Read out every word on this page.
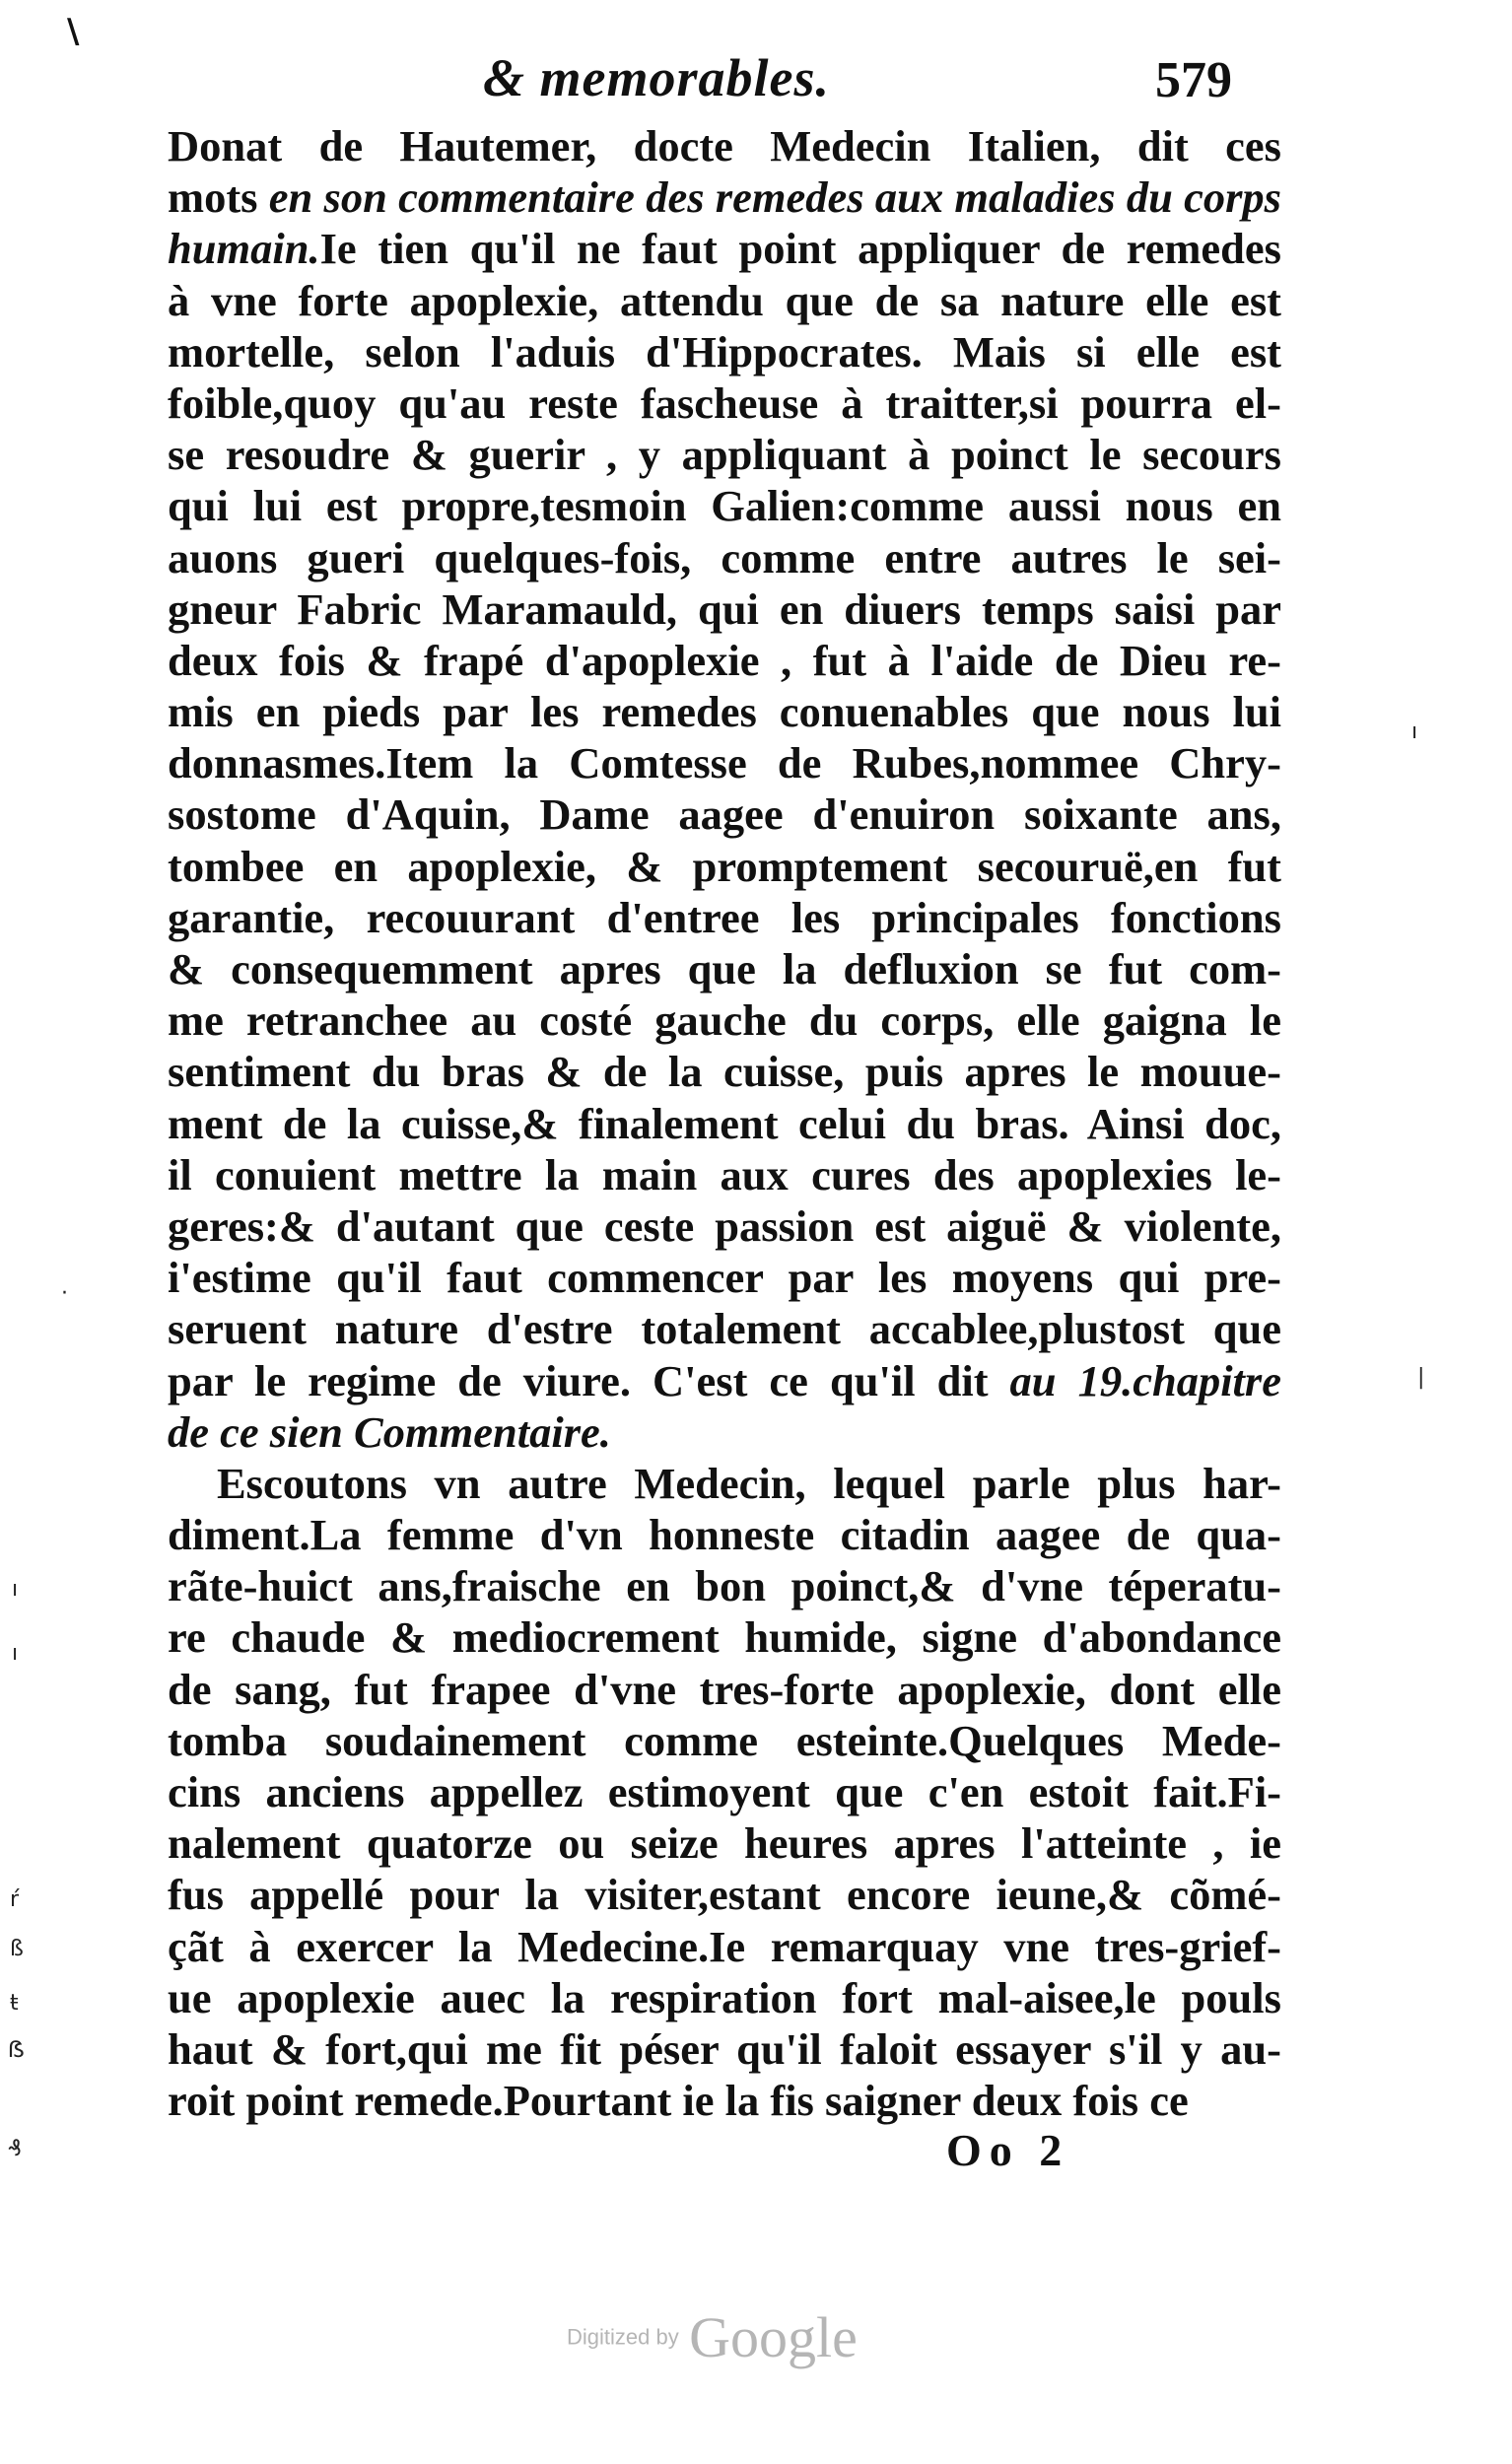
\
& memorables.	579
Donat de Hautemer, docte Medecin Italien, dit ces
mots en son commentaire des remedes aux maladies du corps
humain.Ie tien qu'il ne faut point appliquer de remedes
à vne forte apoplexie, attendu que de sa nature elle est
mortelle, selon l'aduis d'Hippocrates. Mais si elle est
foible,quoy qu'au reste fascheuse à traitter,si pourra el-
se resoudre & guerir , y appliquant à poinct le secours
qui lui est propre,tesmoin Galien:comme aussi nous en
auons gueri quelques-fois, comme entre autres le sei-
gneur Fabric Maramauld, qui en diuers temps saisi par
deux fois & frapé d'apoplexie , fut à l'aide de Dieu re-
mis en pieds par les remedes conuenables que nous lui
donnasmes.Item la Comtesse de Rubes,nommee Chry-
sostome d'Aquin, Dame aagee d'enuiron soixante ans,
tombee en apoplexie, & promptement secouruë,en fut
garantie, recouurant d'entree les principales fonctions
& consequemment apres que la defluxion se fut com-
me retranchee au costé gauche du corps, elle gaigna le
sentiment du bras & de la cuisse, puis apres le mouue-
ment de la cuisse,& finalement celui du bras. Ainsi doc,
il conuient mettre la main aux cures des apoplexies le-
geres:& d'autant que ceste passion est aiguë & violente,
i'estime qu'il faut commencer par les moyens qui pre-
seruent nature d'estre totalement accablee,plustost que
par le regime de viure. C'est ce qu'il dit au 19.chapitre
de ce sien Commentaire.
Escoutons vn autre Medecin, lequel parle plus har-
diment.La femme d'vn honneste citadin aagee de qua-
rãte-huict ans,fraische en bon poinct,& d'vne téperatu-
re chaude & mediocrement humide, signe d'abondance
de sang, fut frapee d'vne tres-forte apoplexie, dont elle
tomba soudainement comme esteinte.Quelques Mede-
cins anciens appellez estimoyent que c'en estoit fait.Fi-
nalement quatorze ou seize heures apres l'atteinte , ie
fus appellé pour la visiter,estant encore ieune,& cõmé-
çãt à exercer la Medecine.Ie remarquay vne tres-grief-
ue apoplexie auec la respiration fort mal-aisee,le pouls
haut & fort,qui me fit péser qu'il faloit essayer s'il y au-
roit point remede.Pourtant ie la fis saigner deux fois ce
Oo 2
·
ı
|
ı
ı
ŕ
ß
ŧ
ẞ
₰
Digitized by Google
